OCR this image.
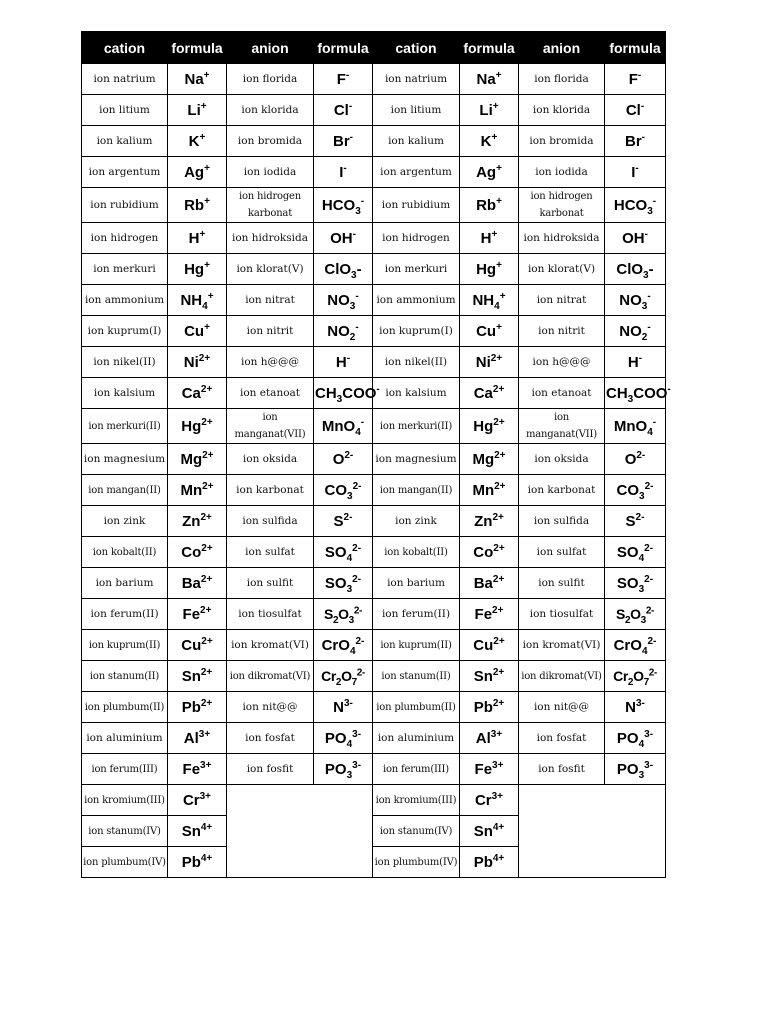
cation	formula	anion	formula	cation	formula	anion	formula
ion natrium	Na+	ion florida	F-	ion natrium	Na+	ion florida	F-
ion litium	Li+	ion klorida	Cl-	ion litium	Li+	ion klorida	Cl-
ion kalium	K+	ion bromida	Br-	ion kalium	K+	ion bromida	Br-
ion argentum	Ag+	ion iodida	I-	ion argentum	Ag+	ion iodida	I-
ion rubidium	Rb+	ion hidrogen karbonat	$HCO_3^-$	ion rubidium	Rb+	ion hidrogen karbonat	$HCO_3^-$
ion hidrogen	H+	ion hidroksida	OH-	ion hidrogen	H+	ion hidroksida	OH-
ion merkuri	Hg+	ion klorat(V)	ClO$_3$-	ion merkuri	Hg+	ion klorat(V)	ClO$_3$-
ion ammonium	$NH_4^+$	ion nitrat	$NO_3^-$	ion ammonium	$NH_4^+$	ion nitrat	$NO_3^-$
ion kuprum(I)	Cu+	ion nitrit	$NO_2^-$	ion kuprum(I)	Cu+	ion nitrit	$NO_2^-$
ion nikel(II)	$Ni^{2+}$	ion h@@@	H-	ion nikel(II)	$Ni^{2+}$	ion h@@@	H-
ion kalsium	$Ca^{2+}$	ion etanoat	$CH_3COO^-$	ion kalsium	$Ca^{2+}$	ion etanoat	$CH_3COO^-$
ion merkuri(II)	$Hg^{2+}$	ion manganat(VII)	MnO$_4$-	ion merkuri(II)	$Hg^{2+}$	ion manganat(VII)	MnO$_4$-
ion magnesium	$Mg^{2+}$	ion oksida	$O^{2-}$	ion magnesium	$Mg^{2+}$	ion oksida	$O^{2-}$
ion mangan(II)	$Mn^{2+}$	ion karbonat	$CO_3^{2-}$	ion mangan(II)	$Mn^{2+}$	ion karbonat	$CO_3^{2-}$
ion zink	$Zn^{2+}$	ion sulfida	$S^{2-}$	ion zink	$Zn^{2+}$	ion sulfida	$S^{2-}$
ion kobalt(II)	$Co^{2+}$	ion sulfat	$SO_4^{2-}$	ion kobalt(II)	$Co^{2+}$	ion sulfat	$SO_4^{2-}$
ion barium	$Ba^{2+}$	ion sulfit	$SO_3^{2-}$	ion barium	$Ba^{2+}$	ion sulfit	$SO_3^{2-}$
ion ferum(II)	$Fe^{2+}$	ion tiosulfat	$S_2O_3^{2-}$	ion ferum(II)	$Fe^{2+}$	ion tiosulfat	$S_2O_3^{2-}$
ion kuprum(II)	$Cu^{2+}$	ion kromat(VI)	CrO$_4^{2-}$	ion kuprum(II)	$Cu^{2+}$	ion kromat(VI)	CrO$_4^{2-}$
ion stanum(II)	$Sn^{2+}$	ion dikromat(VI)	$Cr_2O_7^{2-}$	ion stanum(II)	$Sn^{2+}$	ion dikromat(VI)	$Cr_2O_7^{2-}$
ion plumbum(II)	$Pb^{2+}$	ion nit@@	$N^{3-}$	ion plumbum(II)	$Pb^{2+}$	ion nit@@	$N^{3-}$
ion aluminium	$Al^{3+}$	ion fosfat	$PO_4^{3-}$	ion aluminium	$Al^{3+}$	ion fosfat	$PO_4^{3-}$
ion ferum(III)	$Fe^{3+}$	ion fosfit	$PO_3^{3-}$	ion ferum(III)	$Fe^{3+}$	ion fosfit	$PO_3^{3-}$
ion kromium(III)	$Cr^{3+}$			ion kromium(III)	$Cr^{3+}$	
ion stanum(IV)	$Sn^{4+}$			ion stanum(IV)	$Sn^{4+}$
ion plumbum(IV)	$Pb^{4+}$			ion plumbum(IV)	$Pb^{4+}$
